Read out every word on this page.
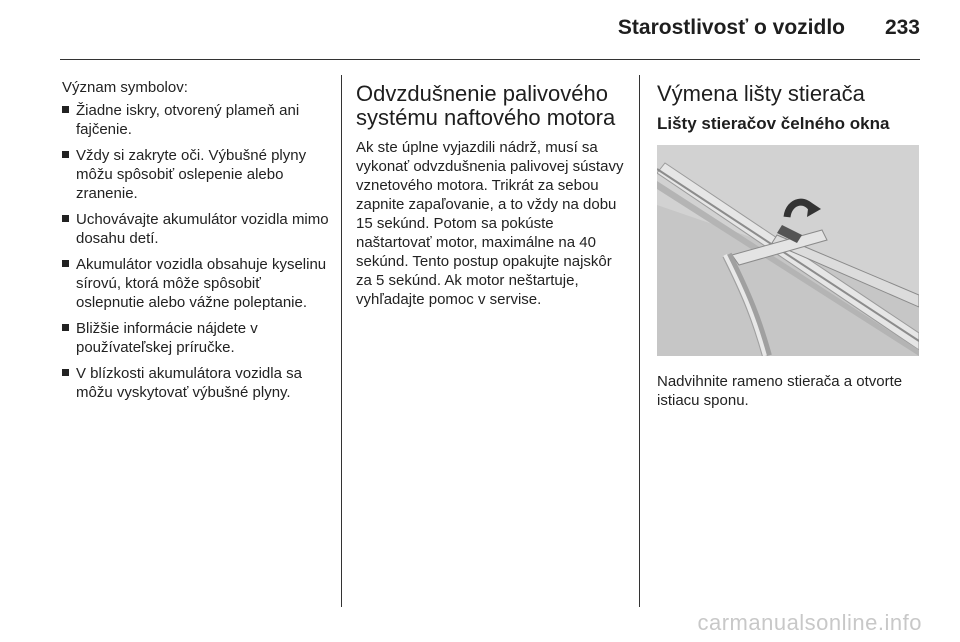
Starostlivosť o vozidlo 233

Význam symbolov:

Žiadne iskry, otvorený plameň ani fajčenie.
Vždy si zakryte oči. Výbušné plyny môžu spôsobiť oslepenie alebo zranenie.
Uchovávajte akumulátor vozidla mimo dosahu detí.
Akumulátor vozidla obsahuje kyselinu sírovú, ktorá môže spôsobiť oslepnutie alebo vážne poleptanie.
Bližšie informácie nájdete v používateľskej príručke.
V blízkosti akumulátora vozidla sa môžu vyskytovať výbušné plyny.
Odvzdušnenie palivového systému naftového motora

Ak ste úplne vyjazdili nádrž, musí sa vykonať odvzdušnenia palivovej sústavy vznetového motora. Trikrát za sebou zapnite zapaľovanie, a to vždy na dobu 15 sekúnd. Potom sa pokúste naštartovať motor, maximálne na 40 sekúnd. Tento postup opakujte najskôr za 5 sekúnd. Ak motor neštartuje, vyhľadajte pomoc v servise.

Výmena lišty stierača
Lišty stieračov čelného okna

Nadvihnite rameno stierača a otvorte istiacu sponu.

carmanualsonline.info
